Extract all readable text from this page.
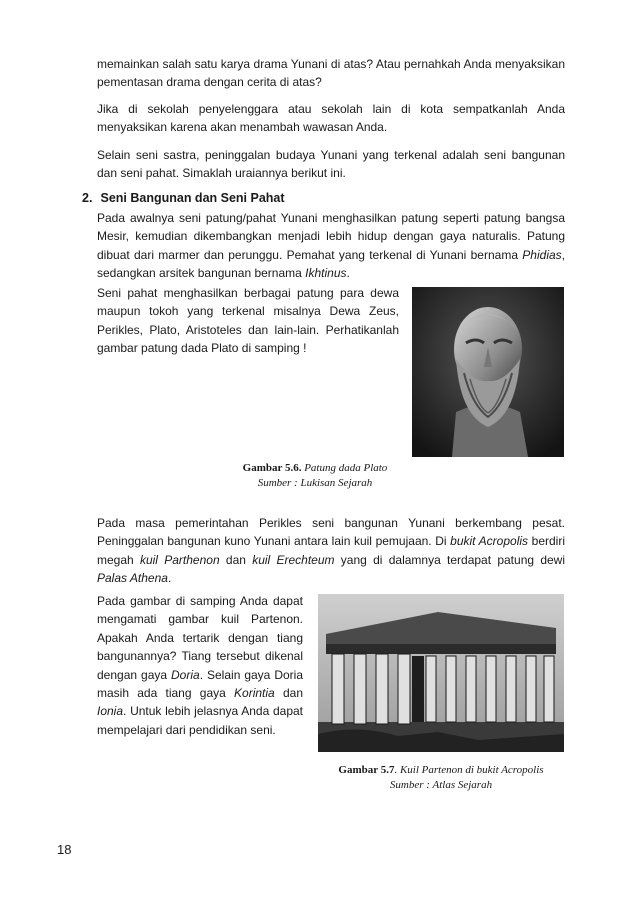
memainkan salah satu karya drama Yunani di atas? Atau pernahkah Anda menyaksikan pementasan drama dengan cerita di atas?

Jika di sekolah penyelenggara atau sekolah lain di kota sempatkanlah Anda menyaksikan karena akan menambah wawasan Anda.

Selain seni sastra, peninggalan budaya Yunani yang terkenal adalah seni bangunan dan seni pahat. Simaklah uraiannya berikut ini.

2. Seni Bangunan dan Seni Pahat

Pada awalnya seni patung/pahat Yunani menghasilkan patung seperti patung bangsa Mesir, kemudian dikembangkan menjadi lebih hidup dengan gaya naturalis. Patung dibuat dari marmer dan perunggu. Pemahat yang terkenal di Yunani bernama Phidias, sedangkan arsitek bangunan bernama Ikhtinus.

Seni pahat menghasilkan berbagai patung para dewa maupun tokoh yang terkenal misalnya Dewa Zeus, Perikles, Plato, Aristoteles dan lain-lain. Perhatikanlah gambar patung dada Plato di samping !

Gambar 5.6. Patung dada Plato
Sumber : Lukisan Sejarah

Pada masa pemerintahan Perikles seni bangunan Yunani berkembang pesat. Peninggalan bangunan kuno Yunani antara lain kuil pemujaan. Di bukit Acropolis berdiri megah kuil Parthenon dan kuil Erechteum yang di dalamnya terdapat patung dewi Palas Athena.

Pada gambar di samping Anda dapat mengamati gambar kuil Partenon. Apakah Anda tertarik dengan tiang bangunannya? Tiang tersebut dikenal dengan gaya Doria. Selain gaya Doria masih ada tiang gaya Korintia dan Ionia. Untuk lebih jelasnya Anda dapat mempelajari dari pendidikan seni.

Gambar 5.7. Kuil Partenon di bukit Acropolis
Sumber : Atlas Sejarah

18
